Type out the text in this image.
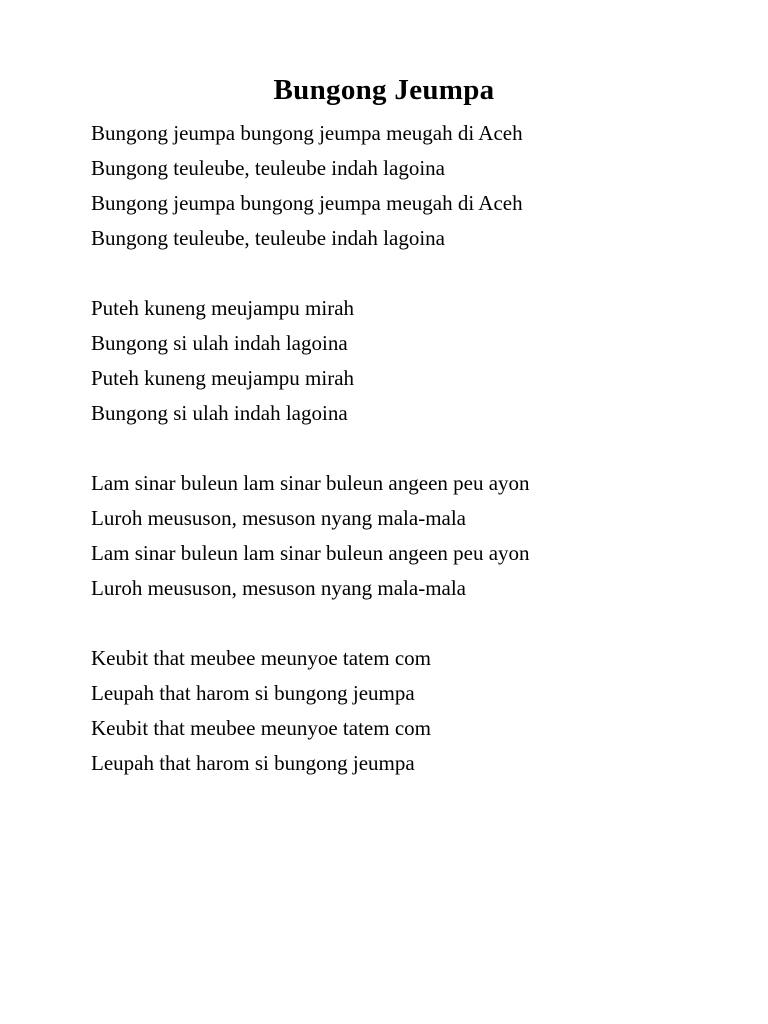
Bungong Jeumpa
Bungong jeumpa bungong jeumpa meugah di Aceh
Bungong teuleube, teuleube indah lagoina
Bungong jeumpa bungong jeumpa meugah di Aceh
Bungong teuleube, teuleube indah lagoina
Puteh kuneng meujampu mirah
Bungong si ulah indah lagoina
Puteh kuneng meujampu mirah
Bungong si ulah indah lagoina
Lam sinar buleun lam sinar buleun angeen peu ayon
Luroh meususon, mesuson nyang mala-mala
Lam sinar buleun lam sinar buleun angeen peu ayon
Luroh meususon, mesuson nyang mala-mala
Keubit that meubee meunyoe tatem com
Leupah that harom si bungong jeumpa
Keubit that meubee meunyoe tatem com
Leupah that harom si bungong jeumpa
